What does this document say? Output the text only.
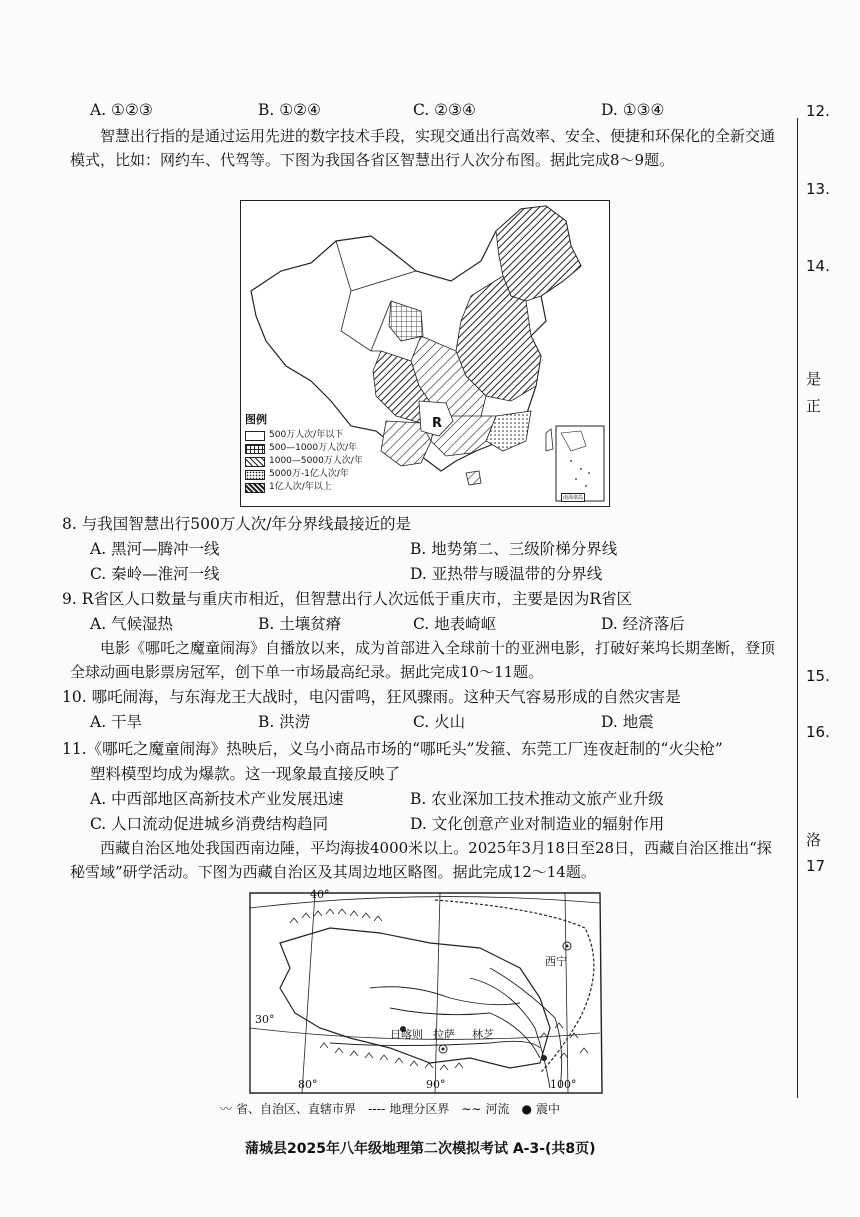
12.
13.
14.
是
正
15.
16.
洛
17
A. ①②③	B. ①②④	C. ②③④	D. ①③④
智慧出行指的是通过运用先进的数字技术手段，实现交通出行高效率、安全、便捷和环保化的全新交通模式，比如：网约车、代驾等。下图为我国各省区智慧出行人次分布图。据此完成8～9题。
R
南海诸岛
图例
500万人次/年以下
500—1000万人次/年
1000—5000万人次/年
5000万-1亿人次/年
1亿人次/年以上
8. 与我国智慧出行500万人次/年分界线最接近的是
A. 黑河—腾冲一线	B. 地势第二、三级阶梯分界线
C. 秦岭—淮河一线	D. 亚热带与暖温带的分界线
9. R省区人口数量与重庆市相近，但智慧出行人次远低于重庆市，主要是因为R省区
A. 气候湿热	B. 土壤贫瘠	C. 地表崎岖	D. 经济落后
电影《哪吒之魔童闹海》自播放以来，成为首部进入全球前十的亚洲电影，打破好莱坞长期垄断，登顶全球动画电影票房冠军，创下单一市场最高纪录。据此完成10～11题。
10. 哪吒闹海，与东海龙王大战时，电闪雷鸣，狂风骤雨。这种天气容易形成的自然灾害是
A. 干旱	B. 洪涝	C. 火山	D. 地震
11.《哪吒之魔童闹海》热映后，义乌小商品市场的“哪吒头”发箍、东莞工厂连夜赶制的“火尖枪”
塑料模型均成为爆款。这一现象最直接反映了
A. 中西部地区高新技术产业发展迅速	B. 农业深加工技术推动文旅产业升级
C. 人口流动促进城乡消费结构趋同	D. 文化创意产业对制造业的辐射作用
西藏自治区地处我国西南边陲，平均海拔4000米以上。2025年3月18日至28日，西藏自治区推出“探秘雪域”研学活动。下图为西藏自治区及其周边地区略图。据此完成12～14题。
40°
30°
80°	90°	100°
西宁
日喀则 拉萨 林芝
〰 省、自治区、直辖市界 ---- 地理分区界 ∼∼ 河流 ● 震中
蒲城县2025年八年级地理第二次模拟考试 A-3-(共8页)
